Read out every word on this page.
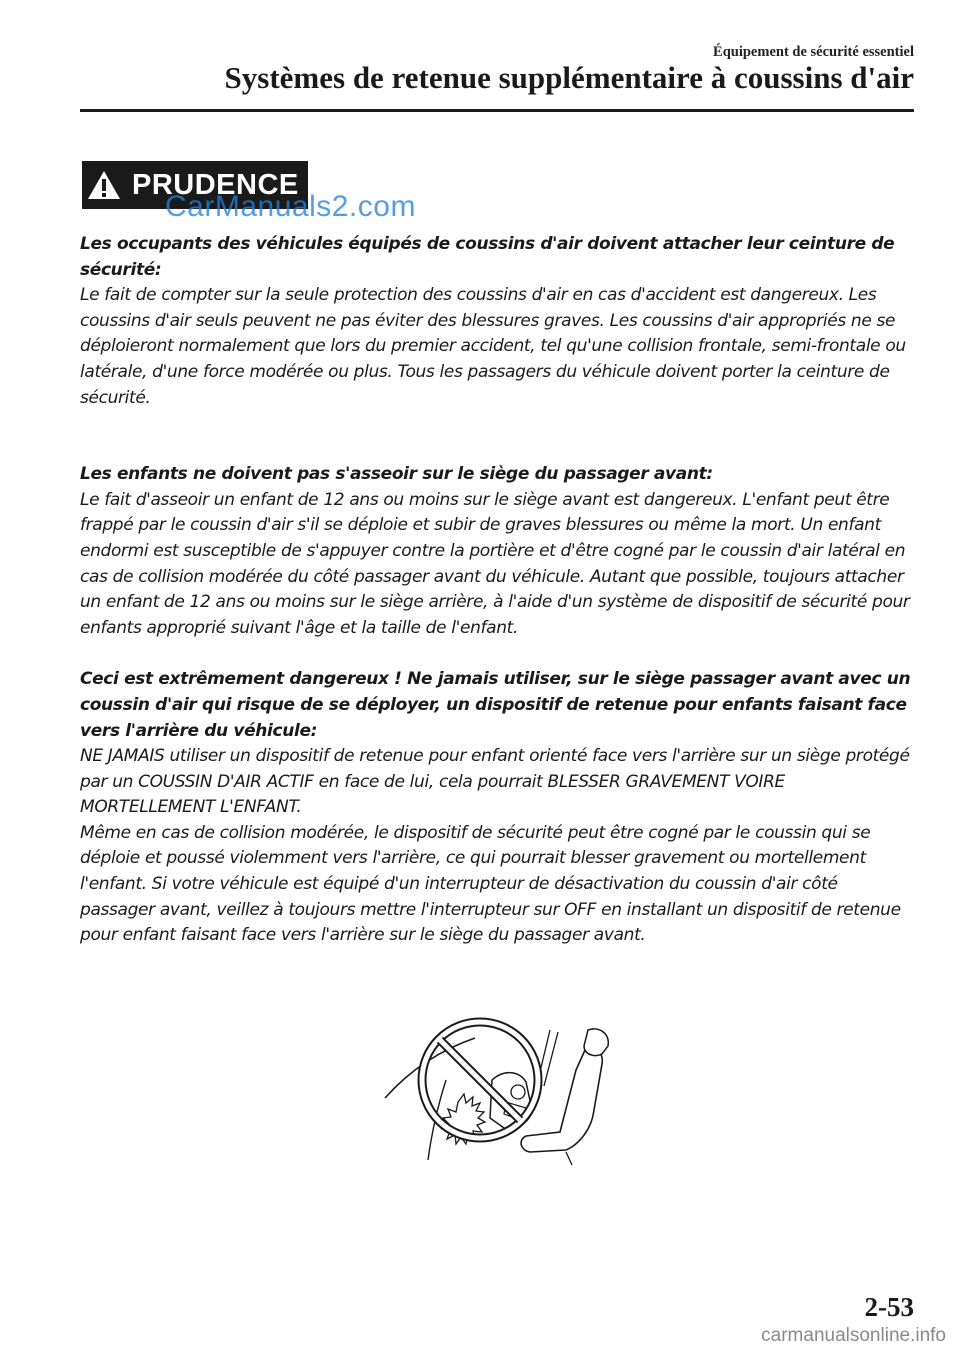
Équipement de sécurité essentiel
Systèmes de retenue supplémentaire à coussins d'air
PRUDENCE
CarManuals2.com
Les occupants des véhicules équipés de coussins d'air doivent attacher leur ceinture de sécurité:
Le fait de compter sur la seule protection des coussins d'air en cas d'accident est dangereux. Les coussins d'air seuls peuvent ne pas éviter des blessures graves. Les coussins d'air appropriés ne se déploieront normalement que lors du premier accident, tel qu'une collision frontale, semi-frontale ou latérale, d'une force modérée ou plus. Tous les passagers du véhicule doivent porter la ceinture de sécurité.
Les enfants ne doivent pas s'asseoir sur le siège du passager avant:
Le fait d'asseoir un enfant de 12 ans ou moins sur le siège avant est dangereux. L'enfant peut être frappé par le coussin d'air s'il se déploie et subir de graves blessures ou même la mort. Un enfant endormi est susceptible de s'appuyer contre la portière et d'être cogné par le coussin d'air latéral en cas de collision modérée du côté passager avant du véhicule. Autant que possible, toujours attacher un enfant de 12 ans ou moins sur le siège arrière, à l'aide d'un système de dispositif de sécurité pour enfants approprié suivant l'âge et la taille de l'enfant.
Ceci est extrêmement dangereux ! Ne jamais utiliser, sur le siège passager avant avec un coussin d'air qui risque de se déployer, un dispositif de retenue pour enfants faisant face vers l'arrière du véhicule:
NE JAMAIS utiliser un dispositif de retenue pour enfant orienté face vers l'arrière sur un siège protégé par un COUSSIN D'AIR ACTIF en face de lui, cela pourrait BLESSER GRAVEMENT VOIRE MORTELLEMENT L'ENFANT.
Même en cas de collision modérée, le dispositif de sécurité peut être cogné par le coussin qui se déploie et poussé violemment vers l'arrière, ce qui pourrait blesser gravement ou mortellement l'enfant. Si votre véhicule est équipé d'un interrupteur de désactivation du coussin d'air côté passager avant, veillez à toujours mettre l'interrupteur sur OFF en installant un dispositif de retenue pour enfant faisant face vers l'arrière sur le siège du passager avant.
2-53
carmanualsonline.info
